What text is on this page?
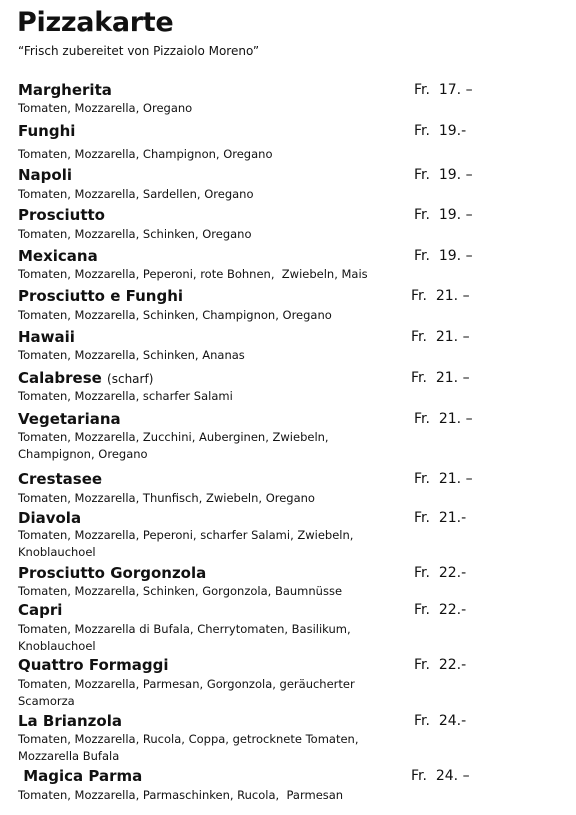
Pizzakarte
“Frisch zubereitet von Pizzaiolo Moreno”
Margherita	Fr.  17. –
Tomaten, Mozzarella, Oregano
Funghi	Fr.  19.-
Tomaten, Mozzarella, Champignon, Oregano
Napoli	Fr.  19. –
Tomaten, Mozzarella, Sardellen, Oregano
Prosciutto	Fr.  19. –
Tomaten, Mozzarella, Schinken, Oregano
Mexicana	Fr.  19. –
Tomaten, Mozzarella, Peperoni, rote Bohnen,  Zwiebeln, Mais
Prosciutto e Funghi	Fr.  21. –
Tomaten, Mozzarella, Schinken, Champignon, Oregano
Hawaii	Fr.  21. –
Tomaten, Mozzarella, Schinken, Ananas
Calabrese (scharf)	Fr.  21. –
Tomaten, Mozzarella, scharfer Salami
Vegetariana	Fr.  21. –
Tomaten, Mozzarella, Zucchini, Auberginen, Zwiebeln, Champignon, Oregano
Crestasee	Fr.  21. –
Tomaten, Mozzarella, Thunfisch, Zwiebeln, Oregano
Diavola	Fr.  21.-
Tomaten, Mozzarella, Peperoni, scharfer Salami, Zwiebeln, Knoblauchoel
Prosciutto Gorgonzola	Fr.  22.-
Tomaten, Mozzarella, Schinken, Gorgonzola, Baumnüsse
Capri	Fr.  22.-
Tomaten, Mozzarella di Bufala, Cherrytomaten, Basilikum, Knoblauchoel
Quattro Formaggi	Fr.  22.-
Tomaten, Mozzarella, Parmesan, Gorgonzola, geräucherter Scamorza
La Brianzola	Fr.  24.-
Tomaten, Mozzarella, Rucola, Coppa, getrocknete Tomaten, Mozzarella Bufala
Magica Parma	Fr.  24. –
Tomaten, Mozzarella, Parmaschinken, Rucola,  Parmesan
